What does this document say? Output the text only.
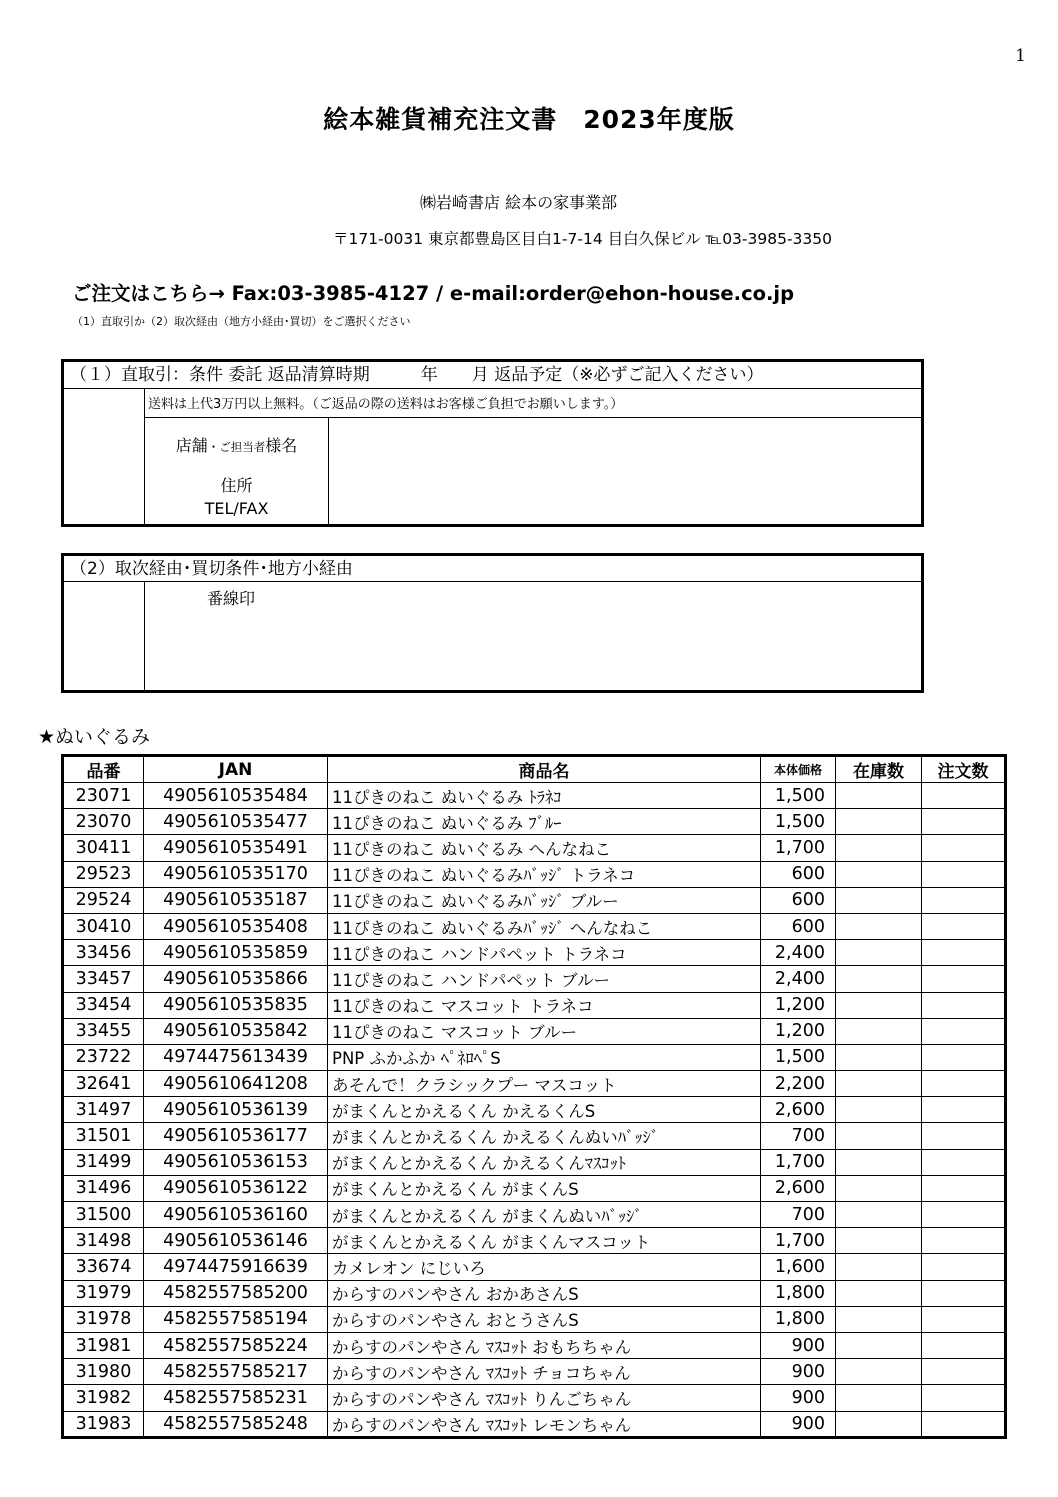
1
絵本雑貨補充注文書　2023年度版
㈱岩崎書店 絵本の家事業部
〒171-0031 東京都豊島区目白1-7-14 目白久保ビル ℡03-3985-3350
ご注文はこちら→ Fax:03-3985-4127 / e-mail:order@ehon-house.co.jp
（1）直取引か（2）取次経由（地方小経由･買切）をご選択ください
（１）直取引：条件 委託 返品清算時期　　　年　　月 返品予定（※必ずご記入ください）
送料は上代3万円以上無料。（ご返品の際の送料はお客様ご負担でお願いします。）
店舗・ご担当者様名
住所
TEL/FAX
（2）取次経由･買切条件･地方小経由
番線印
★ぬいぐるみ
品番	JAN	商品名	本体価格	在庫数	注文数
23071	4905610535484	11ぴきのねこ ぬいぐるみ ﾄﾗﾈｺ	1,500		
23070	4905610535477	11ぴきのねこ ぬいぐるみ ﾌﾞﾙｰ	1,500		
30411	4905610535491	11ぴきのねこ ぬいぐるみ へんなねこ	1,700		
29523	4905610535170	11ぴきのねこ ぬいぐるみﾊﾞｯｼﾞ トラネコ	600		
29524	4905610535187	11ぴきのねこ ぬいぐるみﾊﾞｯｼﾞ ブルー	600		
30410	4905610535408	11ぴきのねこ ぬいぐるみﾊﾞｯｼﾞ へんなねこ	600		
33456	4905610535859	11ぴきのねこ ハンドパペット トラネコ	2,400		
33457	4905610535866	11ぴきのねこ ハンドパペット ブルー	2,400		
33454	4905610535835	11ぴきのねこ マスコット トラネコ	1,200		
33455	4905610535842	11ぴきのねこ マスコット ブルー	1,200		
23722	4974475613439	PNP ふかふか ﾍﾟﾈﾛﾍﾟS	1,500		
32641	4905610641208	あそんで！クラシックプー マスコット	2,200		
31497	4905610536139	がまくんとかえるくん かえるくんS	2,600		
31501	4905610536177	がまくんとかえるくん かえるくんぬいﾊﾞｯｼﾞ	700		
31499	4905610536153	がまくんとかえるくん かえるくんﾏｽｺｯﾄ	1,700		
31496	4905610536122	がまくんとかえるくん がまくんS	2,600		
31500	4905610536160	がまくんとかえるくん がまくんぬいﾊﾞｯｼﾞ	700		
31498	4905610536146	がまくんとかえるくん がまくんマスコット	1,700		
33674	4974475916639	カメレオン にじいろ	1,600		
31979	4582557585200	からすのパンやさん おかあさんS	1,800		
31978	4582557585194	からすのパンやさん おとうさんS	1,800		
31981	4582557585224	からすのパンやさん ﾏｽｺｯﾄ おもちちゃん	900		
31980	4582557585217	からすのパンやさん ﾏｽｺｯﾄ チョコちゃん	900		
31982	4582557585231	からすのパンやさん ﾏｽｺｯﾄ りんごちゃん	900		
31983	4582557585248	からすのパンやさん ﾏｽｺｯﾄ レモンちゃん	900		
